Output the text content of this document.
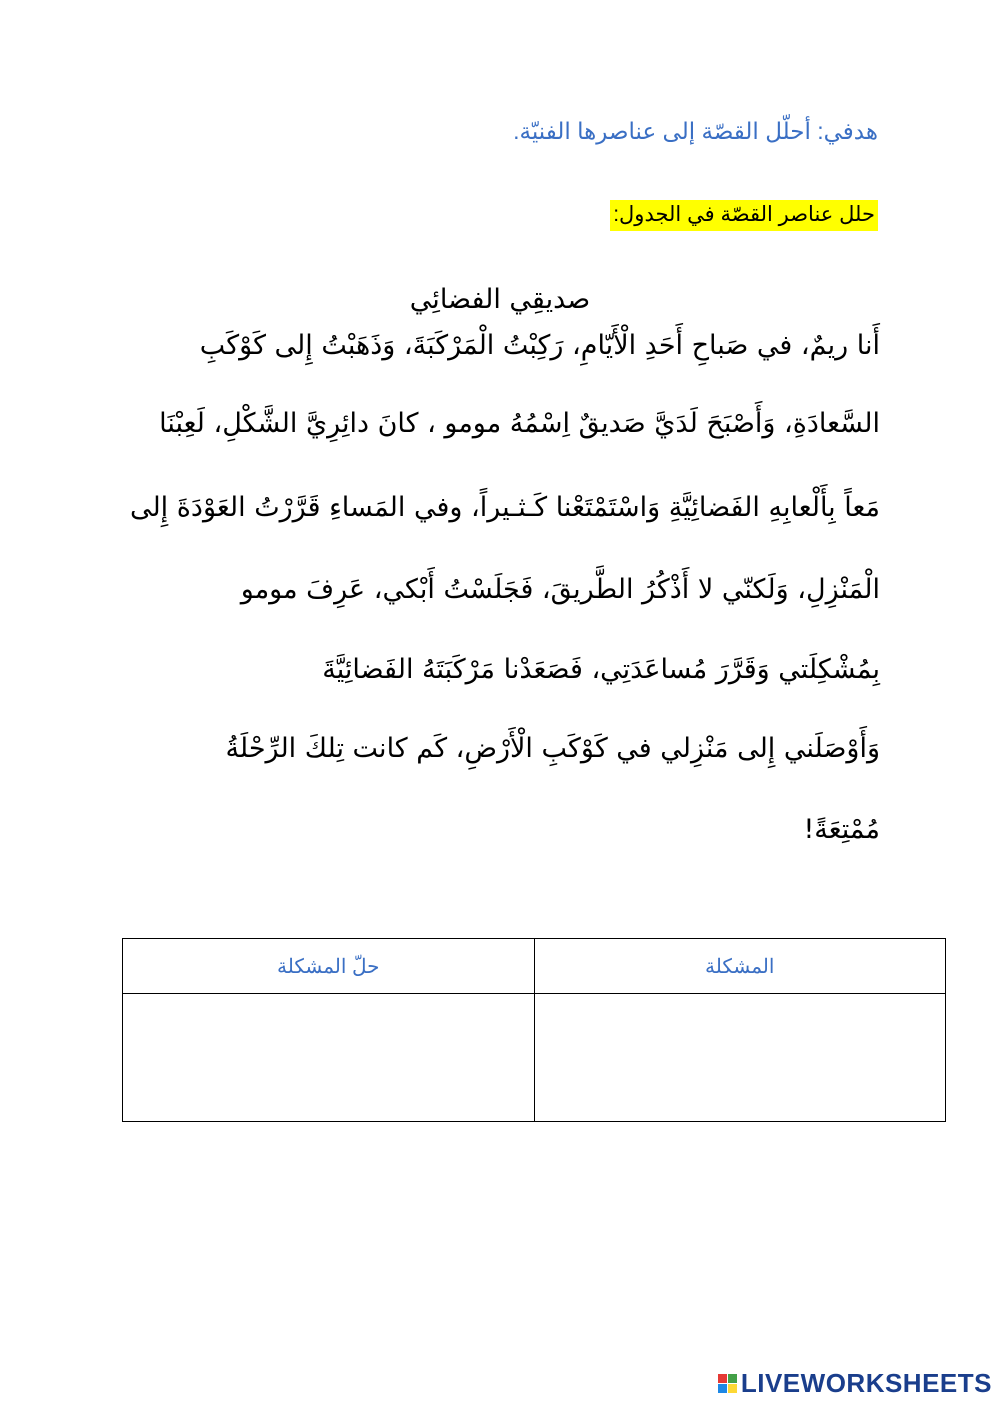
هدفي: أحلّل القصّة إلى عناصرها الفنيّة.
حلل عناصر القصّة في الجدول:
صديقِي الفضائِي
أَنا ريمٌ، في صَباحِ أَحَدِ الْأَيّامِ، رَكِبْتُ الْمَرْكَبَةَ، وَذَهَبْتُ إِلى كَوْكَبِ
السَّعادَةِ، وَأَصْبَحَ لَدَيَّ صَديقٌ اِسْمُهُ مومو ، كانَ دائِرِيَّ الشَّكْلِ، لَعِبْنَا
مَعاً بِأَلْعابِهِ الفَضائِيَّةِ وَاسْتَمْتَعْنا كَـثـيراً، وفي المَساءِ قَرَّرْتُ العَوْدَةَ إِلى
الْمَنْزِلِ، وَلَكنّي لا أَذْكُرُ الطَّريقَ، فَجَلَسْتُ أَبْكي، عَرِفَ مومو
بِمُشْكِلَتي وَقَرَّرَ مُساعَدَتِي، فَصَعَدْنا مَرْكَبَتَهُ الفَضائِيَّةَ
وَأَوْصَلَني إِلى مَنْزِلي في كَوْكَبِ الْأَرْضِ، كَم كانت تِلكَ الرِّحْلَةُ
مُمْتِعَةً!
المشكلة	حلّ المشكلة

LIVEWORKSHEETS
